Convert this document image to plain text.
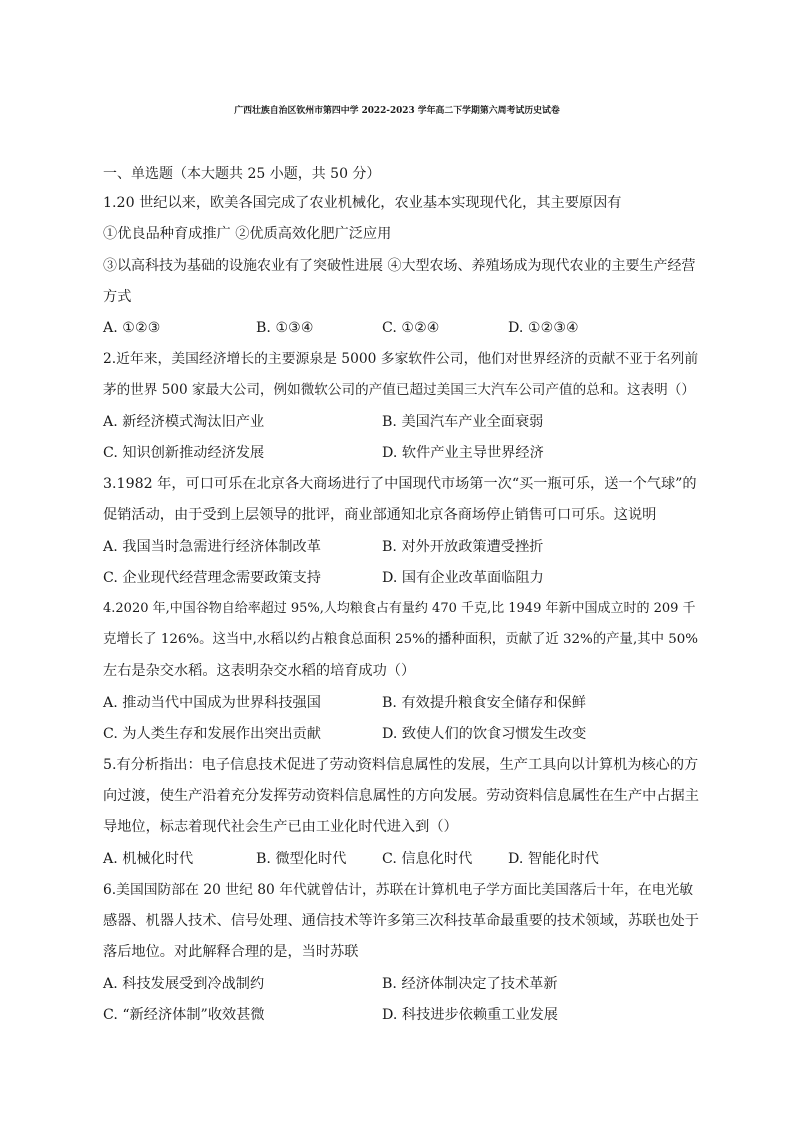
广西壮族自治区钦州市第四中学 2022-2023 学年高二下学期第六周考试历史试卷
一、单选题（本大题共 25 小题，共 50 分）
1.20 世纪以来，欧美各国完成了农业机械化，农业基本实现现代化，其主要原因有
①优良品种育成推广 ②优质高效化肥广泛应用
③以高科技为基础的设施农业有了突破性进展 ④大型农场、养殖场成为现代农业的主要生产经营
方式
A. ①②③	B. ①③④	C. ①②④	D. ①②③④
2.近年来，美国经济增长的主要源泉是 5000 多家软件公司，他们对世界经济的贡献不亚于名列前
茅的世界 500 家最大公司，例如微软公司的产值已超过美国三大汽车公司产值的总和。这表明（）
A. 新经济模式淘汰旧产业	B. 美国汽车产业全面衰弱
C. 知识创新推动经济发展	D. 软件产业主导世界经济
3.1982 年，可口可乐在北京各大商场进行了中国现代市场第一次“买一瓶可乐，送一个气球”的
促销活动，由于受到上层领导的批评，商业部通知北京各商场停止销售可口可乐。这说明
A. 我国当时急需进行经济体制改革	B. 对外开放政策遭受挫折
C. 企业现代经营理念需要政策支持	D. 国有企业改革面临阻力
4.2020 年,中国谷物自给率超过 95%,人均粮食占有量约 470 千克,比 1949 年新中国成立时的 209 千
克增长了 126%。这当中,水稻以约占粮食总面积 25%的播种面积，贡献了近 32%的产量,其中 50%
左右是杂交水稻。这表明杂交水稻的培育成功（）
A. 推动当代中国成为世界科技强国	B. 有效提升粮食安全储存和保鲜
C. 为人类生存和发展作出突出贡献	D. 致使人们的饮食习惯发生改变
5.有分析指出：电子信息技术促进了劳动资料信息属性的发展，生产工具向以计算机为核心的方
向过渡，使生产沿着充分发挥劳动资料信息属性的方向发展。劳动资料信息属性在生产中占据主
导地位，标志着现代社会生产已由工业化时代进入到（）
A. 机械化时代	B. 微型化时代	C. 信息化时代	D. 智能化时代
6.美国国防部在 20 世纪 80 年代就曾估计，苏联在计算机电子学方面比美国落后十年，在电光敏
感器、机器人技术、信号处理、通信技术等许多第三次科技革命最重要的技术领域，苏联也处于
落后地位。对此解释合理的是，当时苏联
A. 科技发展受到冷战制约	B. 经济体制决定了技术革新
C. “新经济体制”收效甚微	D. 科技进步依赖重工业发展
